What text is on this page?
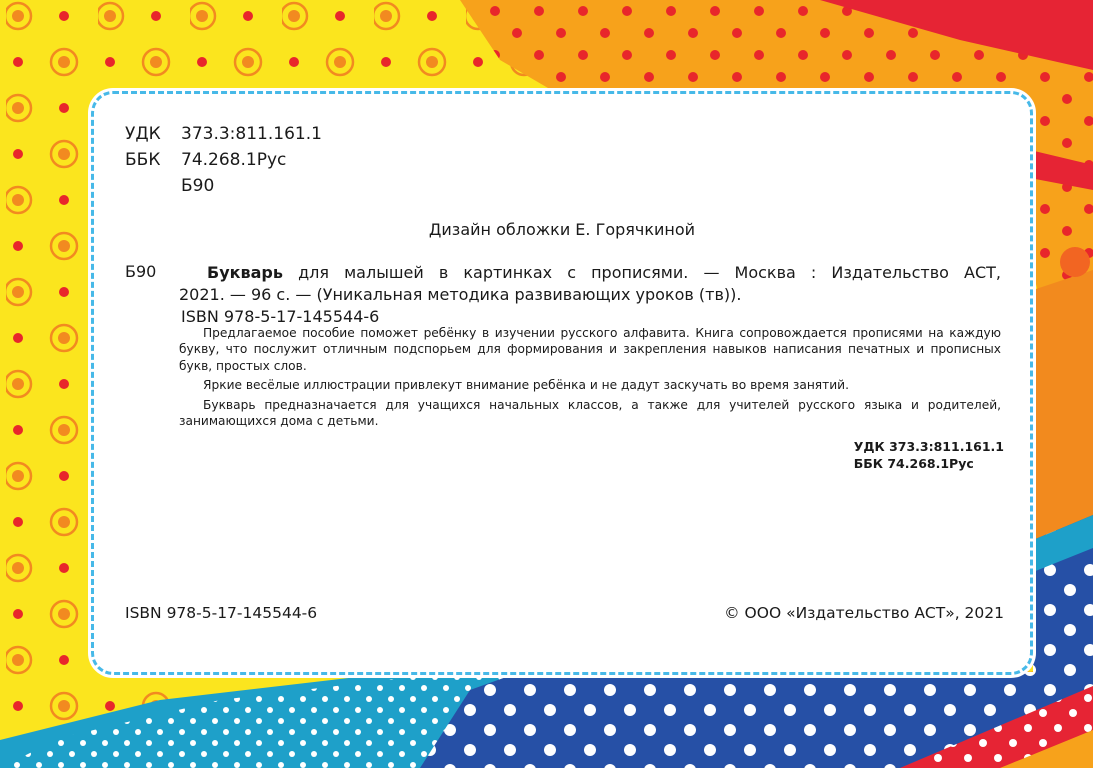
УДК 373.3:811.161.1
ББК 74.268.1Рус
Б90
Дизайн обложки Е. Горячкиной
Б90	Букварь для малышей в картинках с прописями. — Москва : Издательство АСТ,

2021. — 96 с. — (Уникальная методика развивающих уроков (тв)).

ISBN 978-5-17-145544-6

Предлагаемое пособие поможет ребёнку в изучении русского алфавита. Книга сопровождается прописями на каждую букву, что послужит отличным подспорьем для формирования и закрепления навыков написания печатных и прописных букв, простых слов.

Яркие весёлые иллюстрации привлекут внимание ребёнка и не дадут заскучать во время занятий.

Букварь предназначается для учащихся начальных классов, а также для учителей русского языка и родителей, занимающихся дома с детьми.

УДК 373.3:811.161.1
ББК 74.268.1Рус
ISBN 978-5-17-145544-6	© ООО «Издательство АСТ», 2021
